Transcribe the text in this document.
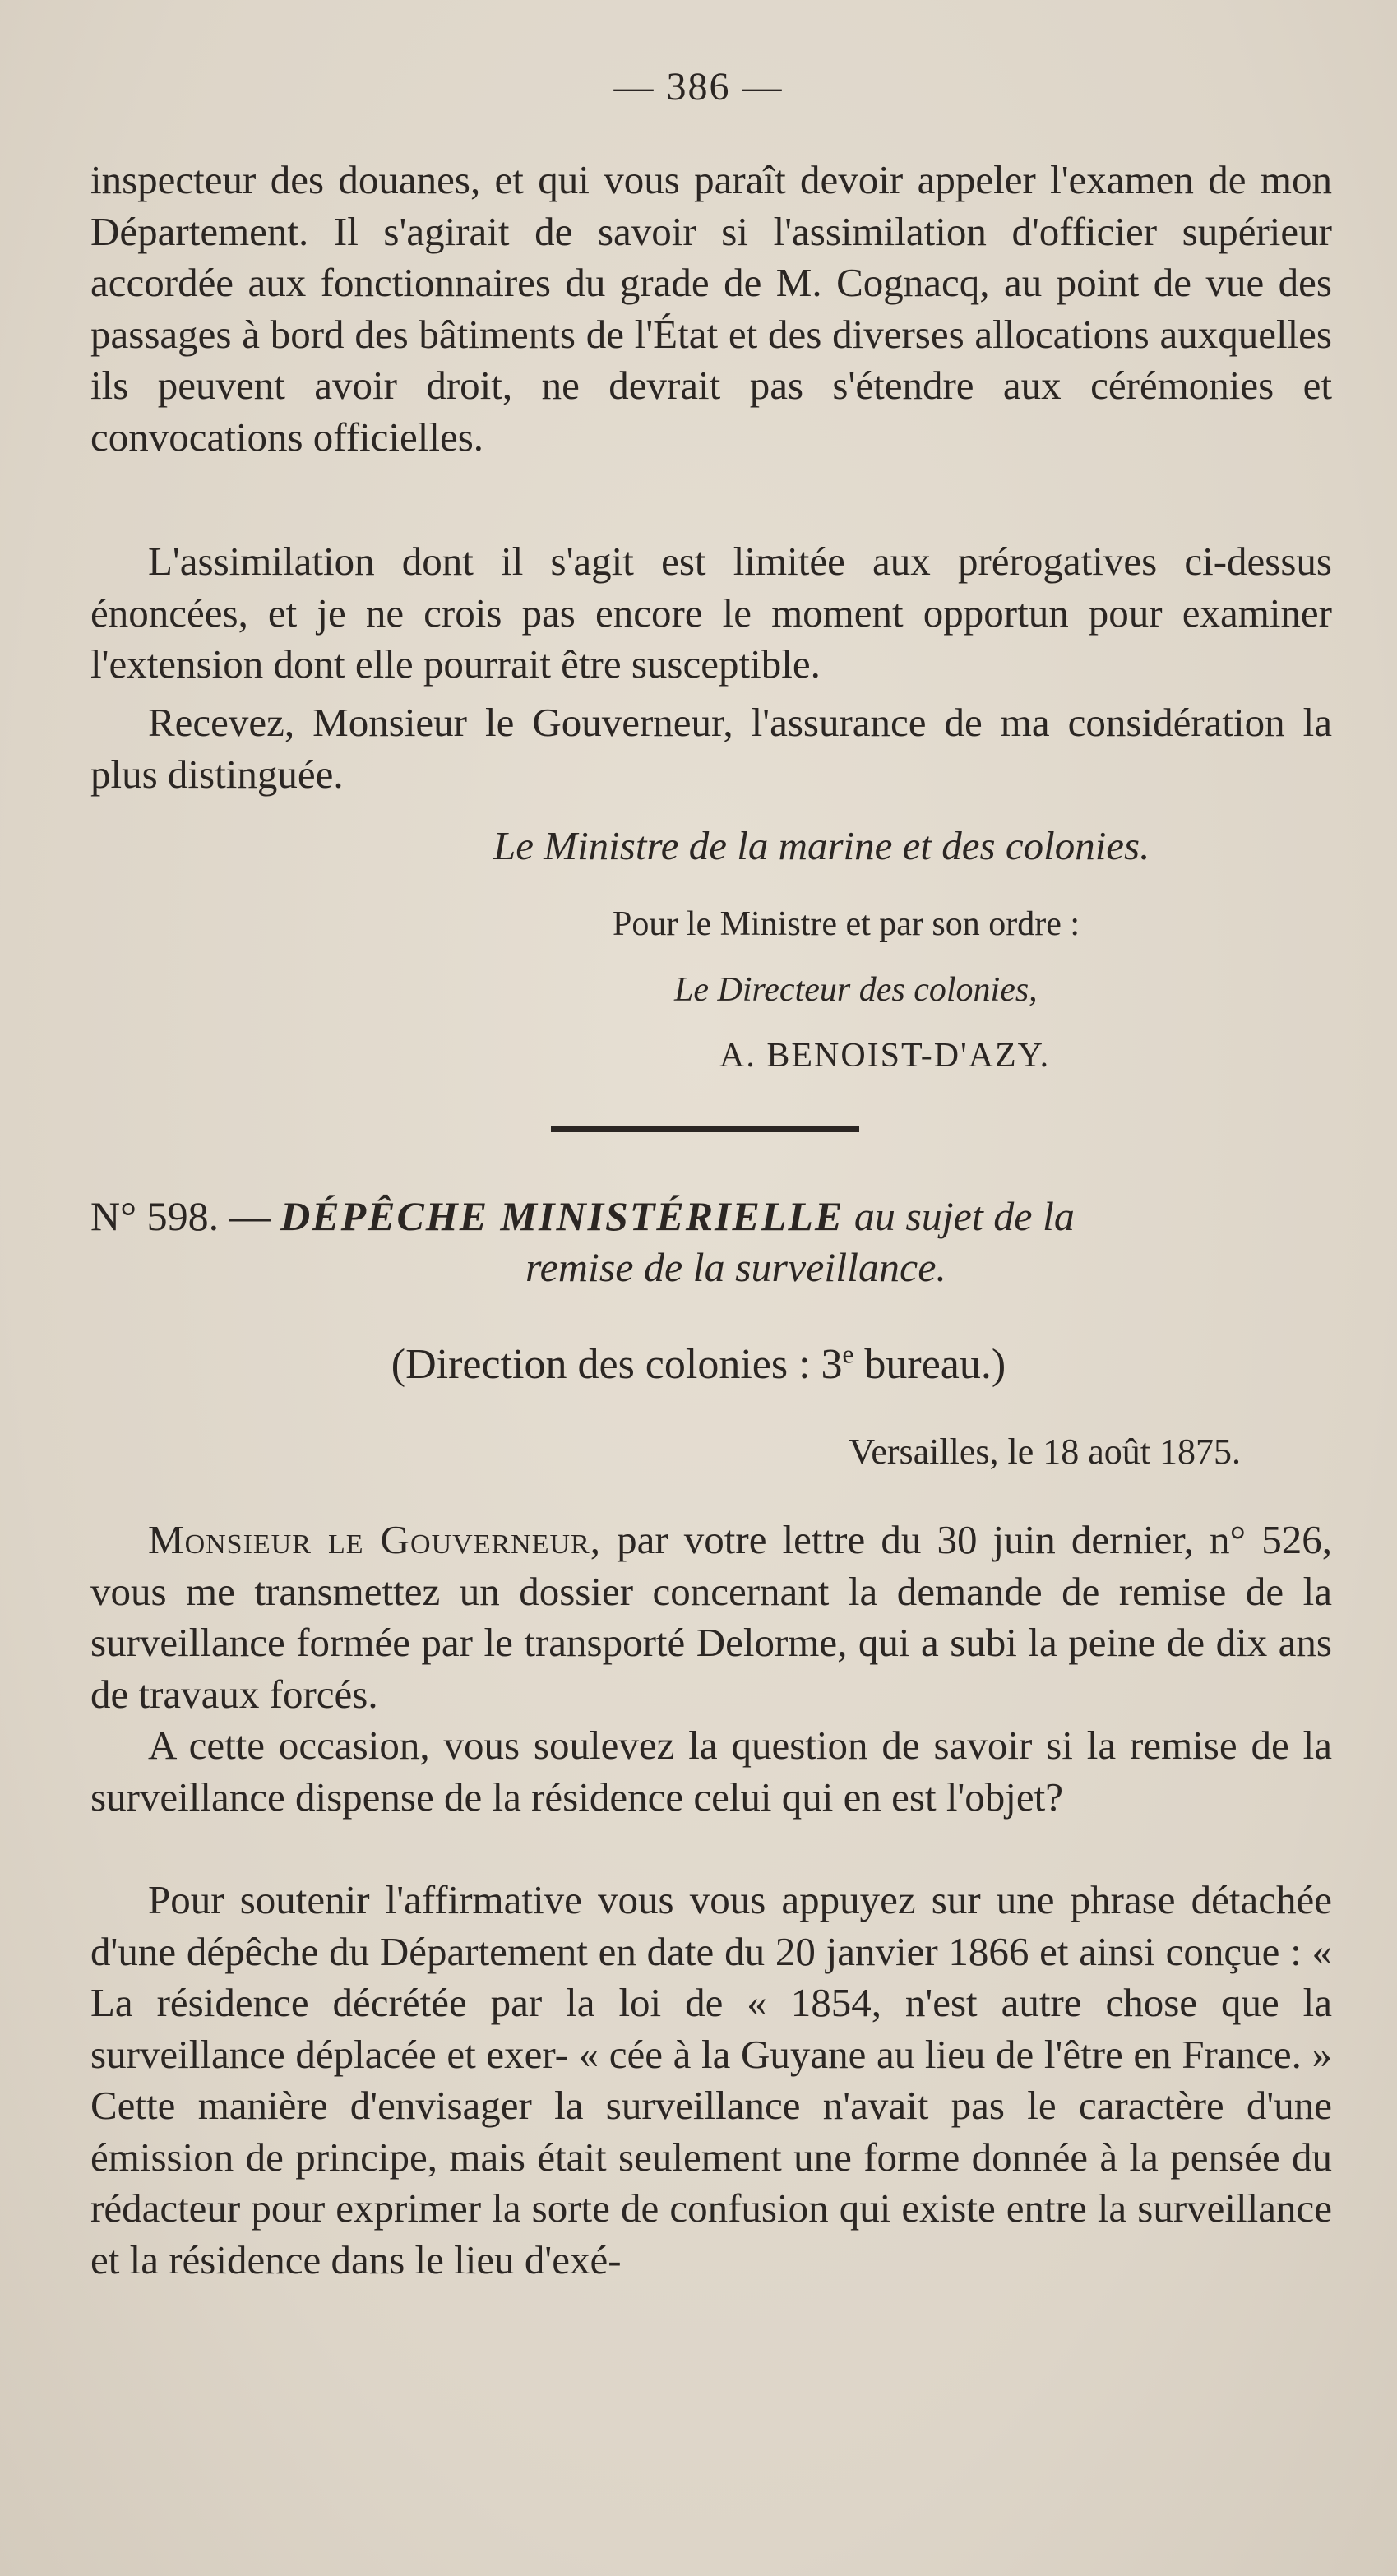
— 386 —

inspecteur des douanes, et qui vous paraît devoir appeler l'examen de mon Département. Il s'agirait de savoir si l'assimilation d'officier supérieur accordée aux fonctionnaires du grade de M. Cognacq, au point de vue des passages à bord des bâtiments de l'État et des diverses allocations auxquelles ils peuvent avoir droit, ne devrait pas s'étendre aux cérémonies et convocations officielles.

L'assimilation dont il s'agit est limitée aux prérogatives ci-dessus énoncées, et je ne crois pas encore le moment opportun pour examiner l'extension dont elle pourrait être susceptible.

Recevez, Monsieur le Gouverneur, l'assurance de ma considération la plus distinguée.

Le Ministre de la marine et des colonies.

Pour le Ministre et par son ordre :

Le Directeur des colonies,

A. BENOIST-D'AZY.

N° 598. — DÉPÊCHE MINISTÉRIELLE au sujet de la
remise de la surveillance.

(Direction des colonies : 3e bureau.)

Versailles, le 18 août 1875.

Monsieur le Gouverneur, par votre lettre du 30 juin dernier, n° 526, vous me transmettez un dossier concernant la demande de remise de la surveillance formée par le transporté Delorme, qui a subi la peine de dix ans de travaux forcés.

A cette occasion, vous soulevez la question de savoir si la remise de la surveillance dispense de la résidence celui qui en est l'objet?

Pour soutenir l'affirmative vous vous appuyez sur une phrase détachée d'une dépêche du Département en date du 20 janvier 1866 et ainsi conçue : « La résidence décrétée par la loi de « 1854, n'est autre chose que la surveillance déplacée et exer- « cée à la Guyane au lieu de l'être en France. » Cette manière d'envisager la surveillance n'avait pas le caractère d'une émission de principe, mais était seulement une forme donnée à la pensée du rédacteur pour exprimer la sorte de confusion qui existe entre la surveillance et la résidence dans le lieu d'exé-
